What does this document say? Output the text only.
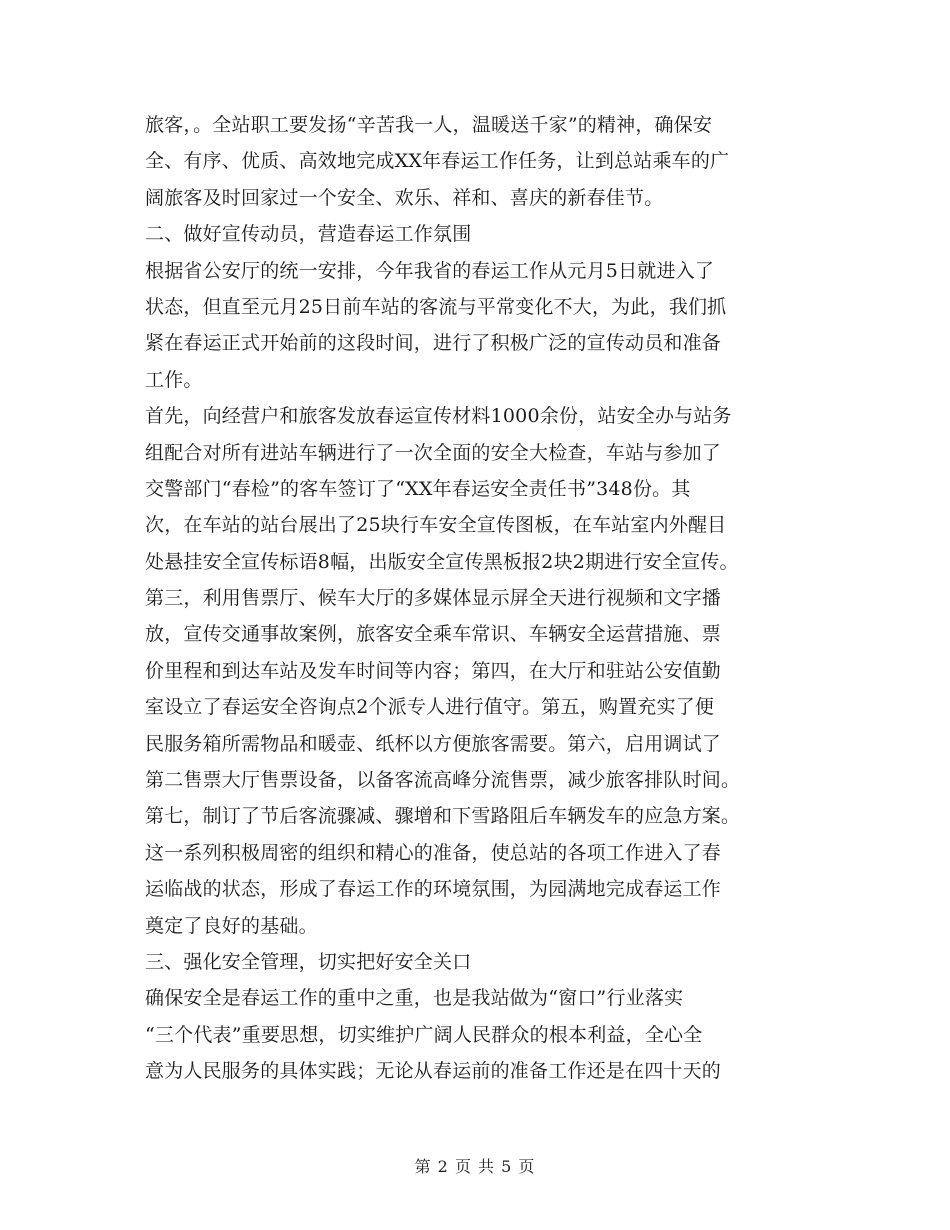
旅客，。全站职工要发扬“辛苦我一人，温暖送千家”的精神，确保安
全、有序、优质、高效地完成XX年春运工作任务，让到总站乘车的广
阔旅客及时回家过一个安全、欢乐、祥和、喜庆的新春佳节。
二、做好宣传动员，营造春运工作氛围
根据省公安厅的统一安排，今年我省的春运工作从元月5日就进入了
状态，但直至元月25日前车站的客流与平常变化不大，为此，我们抓
紧在春运正式开始前的这段时间，进行了积极广泛的宣传动员和准备
工作。
首先，向经营户和旅客发放春运宣传材料1000余份，站安全办与站务
组配合对所有进站车辆进行了一次全面的安全大检查，车站与参加了
交警部门“春检”的客车签订了“XX年春运安全责任书”348份。其
次，在车站的站台展出了25块行车安全宣传图板，在车站室内外醒目
处悬挂安全宣传标语8幅，出版安全宣传黑板报2块2期进行安全宣传。
第三，利用售票厅、候车大厅的多媒体显示屏全天进行视频和文字播
放，宣传交通事故案例，旅客安全乘车常识、车辆安全运营措施、票
价里程和到达车站及发车时间等内容；第四，在大厅和驻站公安值勤
室设立了春运安全咨询点2个派专人进行值守。第五，购置充实了便
民服务箱所需物品和暖壶、纸杯以方便旅客需要。第六，启用调试了
第二售票大厅售票设备，以备客流高峰分流售票，减少旅客排队时间。
第七，制订了节后客流骤减、骤增和下雪路阻后车辆发车的应急方案。
这一系列积极周密的组织和精心的准备，使总站的各项工作进入了春
运临战的状态，形成了春运工作的环境氛围，为园满地完成春运工作
奠定了良好的基础。
三、强化安全管理，切实把好安全关口
确保安全是春运工作的重中之重，也是我站做为“窗口”行业落实
“三个代表”重要思想，切实维护广阔人民群众的根本利益，全心全
意为人民服务的具体实践；无论从春运前的准备工作还是在四十天的
第 2 页 共 5 页
